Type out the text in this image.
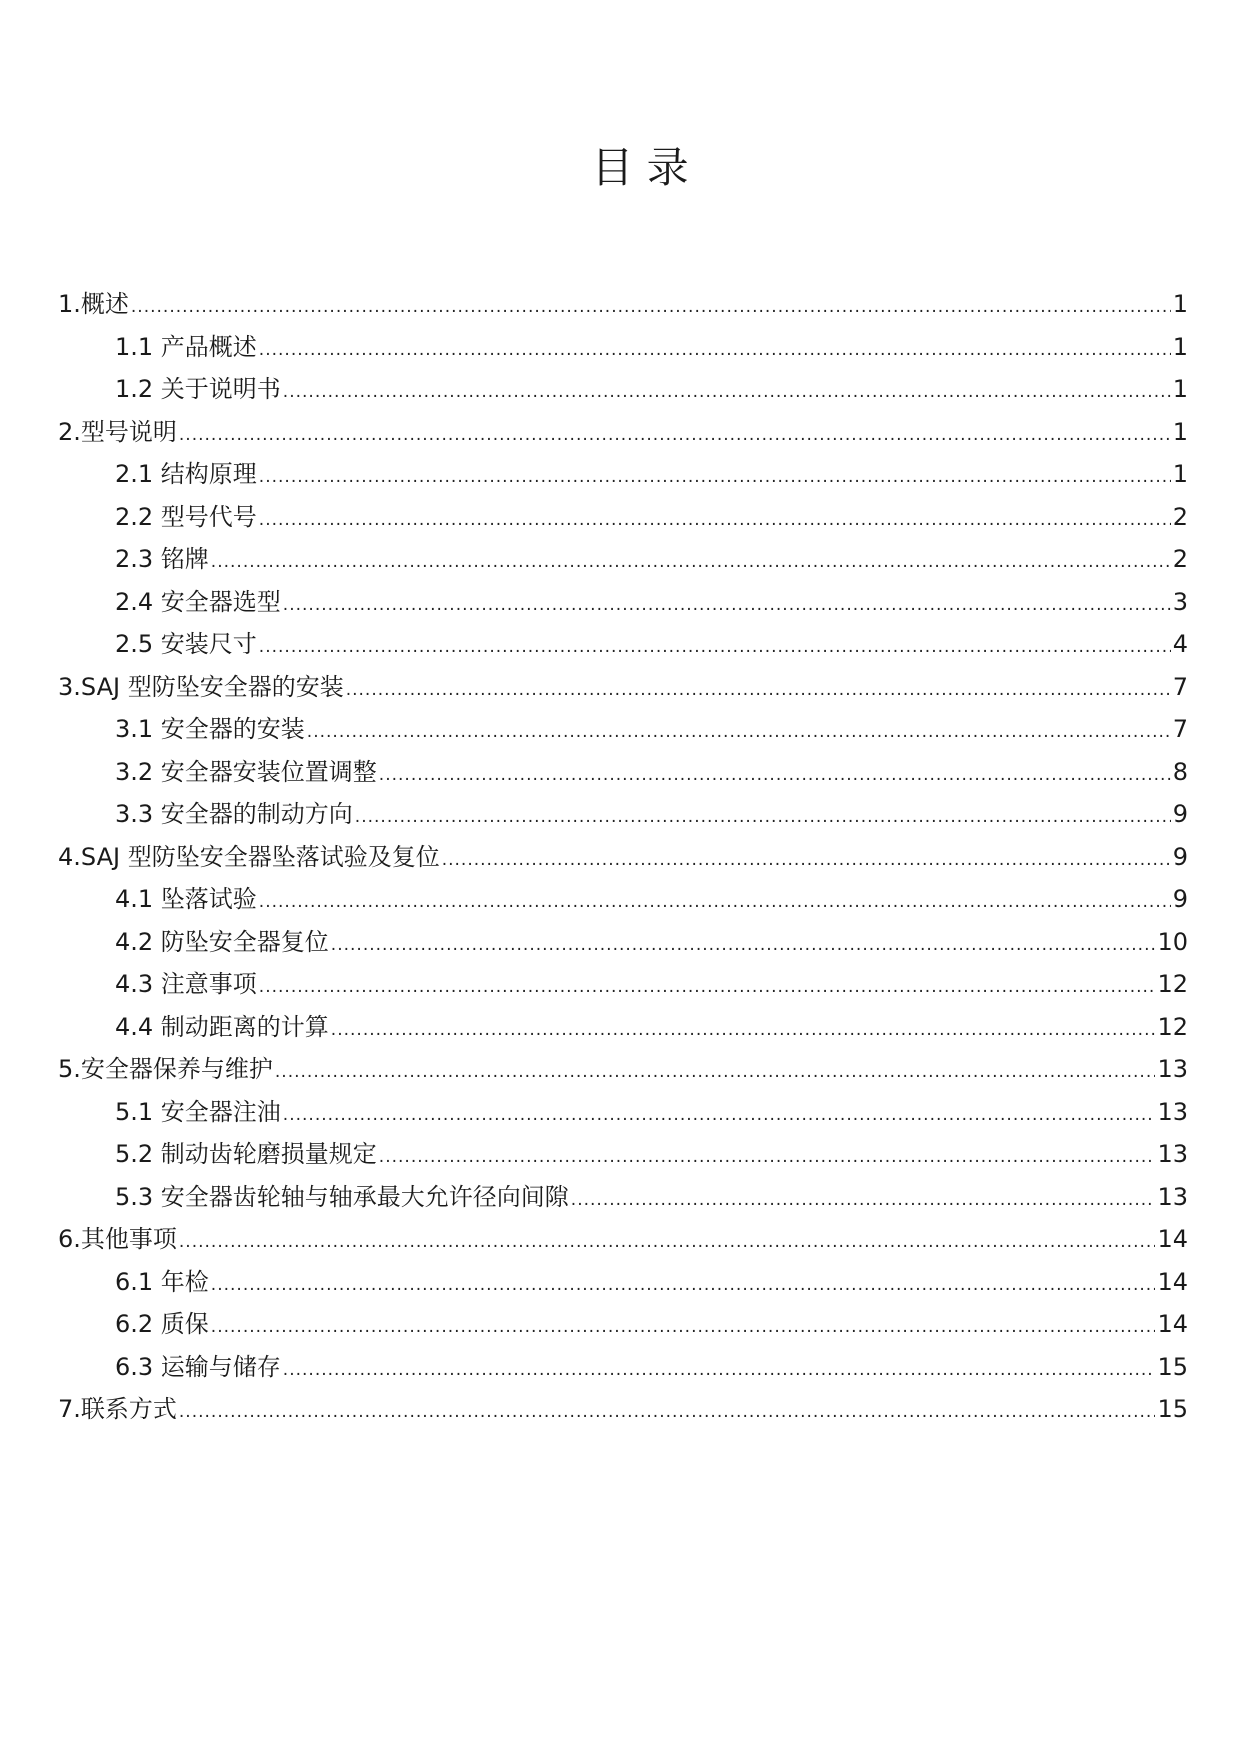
目 录
1.概述 .....	1
1.1 产品概述 .....	1
1.2 关于说明书 .....	1
2.型号说明 .....	1
2.1 结构原理 .....	1
2.2 型号代号 .....	2
2.3 铭牌 .....	2
2.4 安全器选型 .....	3
2.5 安装尺寸 .....	4
3.SAJ 型防坠安全器的安装 .....	7
3.1 安全器的安装 .....	7
3.2 安全器安装位置调整 .....	8
3.3 安全器的制动方向 .....	9
4.SAJ 型防坠安全器坠落试验及复位 .....	9
4.1 坠落试验 .....	9
4.2 防坠安全器复位 .....	10
4.3 注意事项 .....	12
4.4 制动距离的计算 .....	12
5.安全器保养与维护 .....	13
5.1 安全器注油 .....	13
5.2 制动齿轮磨损量规定 .....	13
5.3 安全器齿轮轴与轴承最大允许径向间隙 .....	13
6.其他事项 .....	14
6.1 年检 .....	14
6.2 质保 .....	14
6.3 运输与储存 .....	15
7.联系方式 .....	15
